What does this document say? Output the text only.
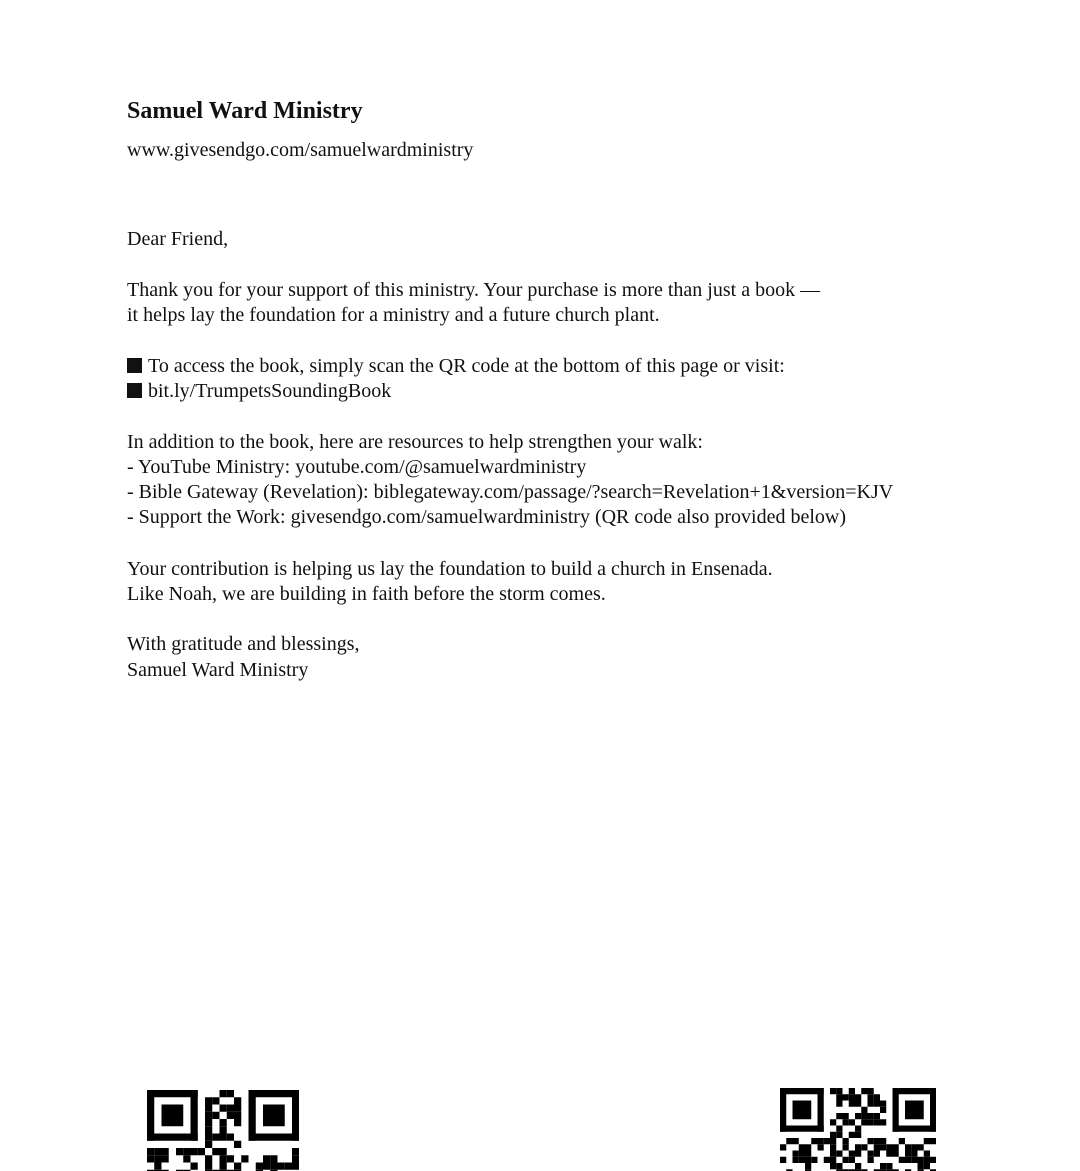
Samuel Ward Ministry
www.givesendgo.com/samuelwardministry
Dear Friend,
Thank you for your support of this ministry. Your purchase is more than just a book —
it helps lay the foundation for a ministry and a future church plant.
To access the book, simply scan the QR code at the bottom of this page or visit:
bit.ly/TrumpetsSoundingBook
In addition to the book, here are resources to help strengthen your walk:
- YouTube Ministry: youtube.com/@samuelwardministry
- Bible Gateway (Revelation): biblegateway.com/passage/?search=Revelation+1&version=KJV
- Support the Work: givesendgo.com/samuelwardministry (QR code also provided below)
Your contribution is helping us lay the foundation to build a church in Ensenada.
Like Noah, we are building in faith before the storm comes.
With gratitude and blessings,
Samuel Ward Ministry
